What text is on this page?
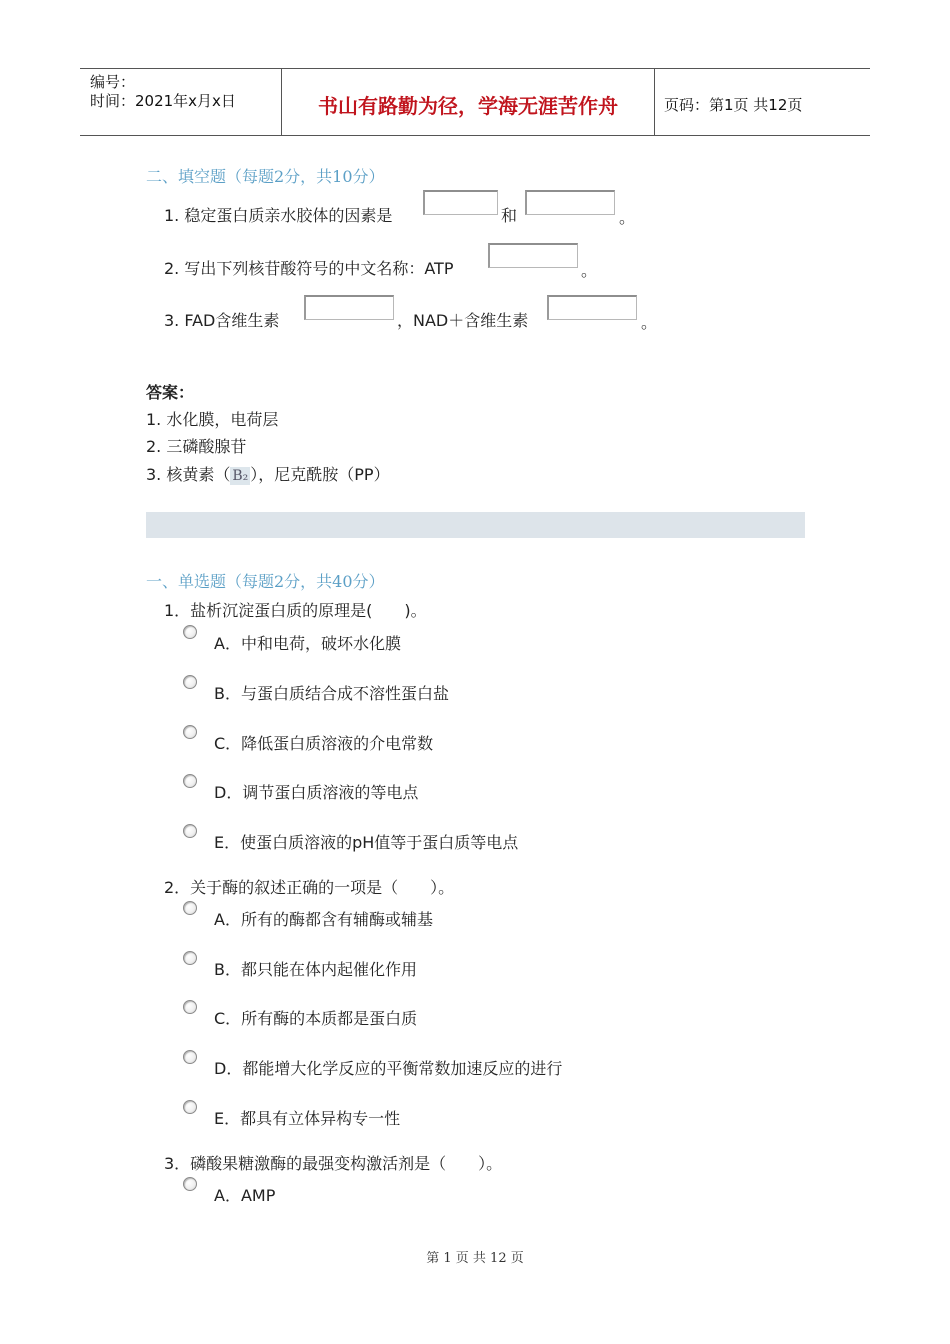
编号：
时间：2021年x月x日	书山有路勤为径，学海无涯苦作舟	页码：第1页 共12页
二、填空题（每题2分，共10分）
1. 稳定蛋白质亲水胶体的因素是	和	。
2. 写出下列核苷酸符号的中文名称：ATP	。
3. FAD含维生素	，NAD＋含维生素	。
答案：
1. 水化膜，电荷层
2. 三磷酸腺苷
3. 核黄素（ B₂ ），尼克酰胺（PP）
一、单选题（每题2分，共40分）
1．盐析沉淀蛋白质的原理是(　　)。
A．中和电荷，破坏水化膜
B．与蛋白质结合成不溶性蛋白盐
C．降低蛋白质溶液的介电常数
D．调节蛋白质溶液的等电点
E．使蛋白质溶液的pH值等于蛋白质等电点
2．关于酶的叙述正确的一项是（　　）。
A．所有的酶都含有辅酶或辅基
B．都只能在体内起催化作用
C．所有酶的本质都是蛋白质
D．都能增大化学反应的平衡常数加速反应的进行
E．都具有立体异构专一性
3．磷酸果糖激酶的最强变构激活剂是（　　）。
A．AMP
第 1 页 共 12 页
